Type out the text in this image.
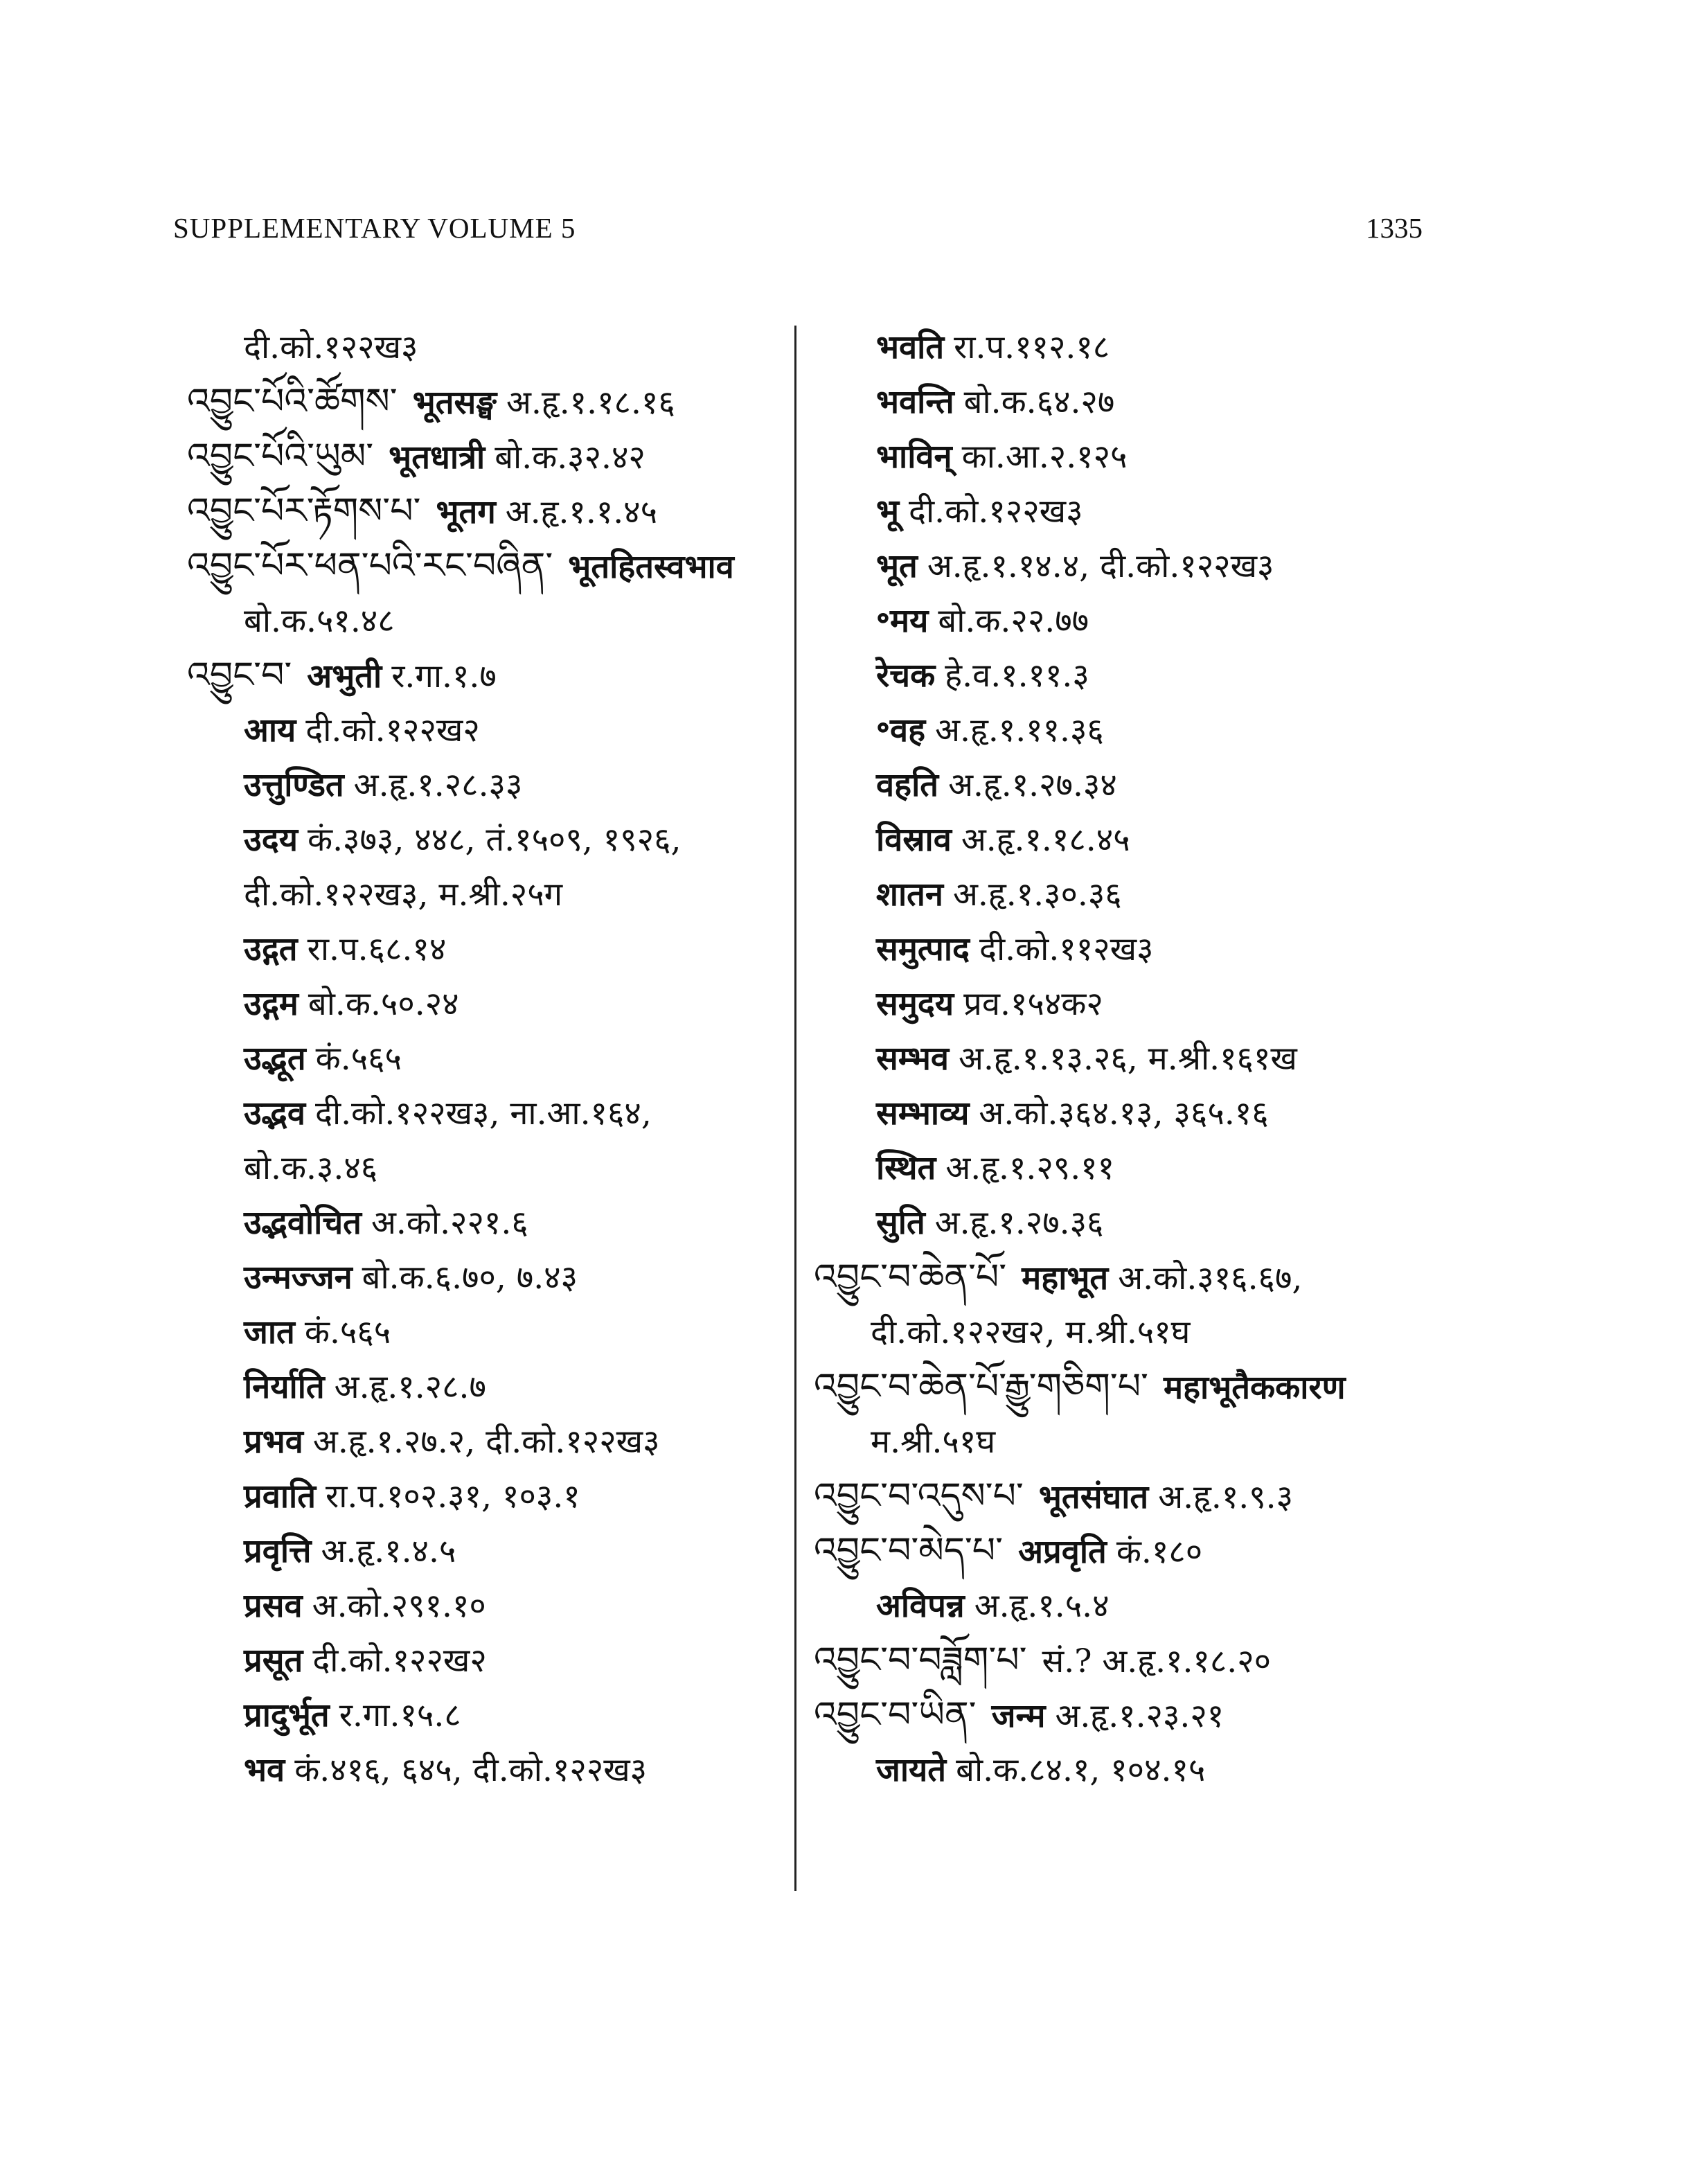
SUPPLEMENTARY VOLUME 5	1335
दी.को.१२२ख३
འབྱུང་པོའི་ཚོགས་ भूतसङ्घ अ.हृ.१.१८.१६
འབྱུང་པོའི་ཡུམ་ भूतधात्री बो.क.३२.४२
འབྱུང་པོར་རྟོགས་པ་ भूतग अ.हृ.१.१.४५
འབྱུང་པོར་ཕན་པའི་རང་བཞིན་ भूतहितस्वभाव
बो.क.५१.४८
འབྱུང་བ་ अभुती र.गा.१.७
आय दी.को.१२२ख२
उत्तुण्डित अ.हृ.१.२८.३३
उदय कं.३७३, ४४८, तं.१५०९, १९२६,
दी.को.१२२ख३, म.श्री.२५ग
उद्गत रा.प.६८.१४
उद्गम बो.क.५०.२४
उद्भूत कं.५६५
उद्भव दी.को.१२२ख३, ना.आ.१६४,
बो.क.३.४६
उद्भवोचित अ.को.२२१.६
उन्मज्जन बो.क.६.७०, ७.४३
जात कं.५६५
निर्याति अ.हृ.१.२८.७
प्रभव अ.हृ.१.२७.२, दी.को.१२२ख३
प्रवाति रा.प.१०२.३१, १०३.१
प्रवृत्ति अ.हृ.१.४.५
प्रसव अ.को.२९१.१०
प्रसूत दी.को.१२२ख२
प्रादुर्भूत र.गा.१५.८
भव कं.४१६, ६४५, दी.को.१२२ख३
भवति रा.प.११२.१८
भवन्ति बो.क.६४.२७
भाविन् का.आ.२.१२५
भू दी.को.१२२ख३
भूत अ.हृ.१.१४.४, दी.को.१२२ख३
॰मय बो.क.२२.७७
रेचक हे.व.१.११.३
॰वह अ.हृ.१.११.३६
वहति अ.हृ.१.२७.३४
विस्राव अ.हृ.१.१८.४५
शातन अ.हृ.१.३०.३६
समुत्पाद दी.को.११२ख३
समुदय प्रव.१५४क२
सम्भव अ.हृ.१.१३.२६, म.श्री.१६१ख
सम्भाव्य अ.को.३६४.१३, ३६५.१६
स्थित अ.हृ.१.२९.११
सुति अ.हृ.१.२७.३६
འབྱུང་བ་ཆེན་པོ་ महाभूत अ.को.३१६.६७,
दी.को.१२२ख२, म.श्री.५१घ
འབྱུང་བ་ཆེན་པོ་རྒྱུ་གཅིག་པ་ महाभूतैककारण
म.श्री.५१घ
འབྱུང་བ་འདུས་པ་ भूतसंघात अ.हृ.१.९.३
འབྱུང་བ་མེད་པ་ अप्रवृति कं.१८०
अविपन्न अ.हृ.१.५.४
འབྱུང་བ་བཟློག་པ་ सं.? अ.हृ.१.१८.२०
འབྱུང་བ་ཡིན་ जन्म अ.हृ.१.२३.२१
जायते बो.क.८४.१, १०४.१५
